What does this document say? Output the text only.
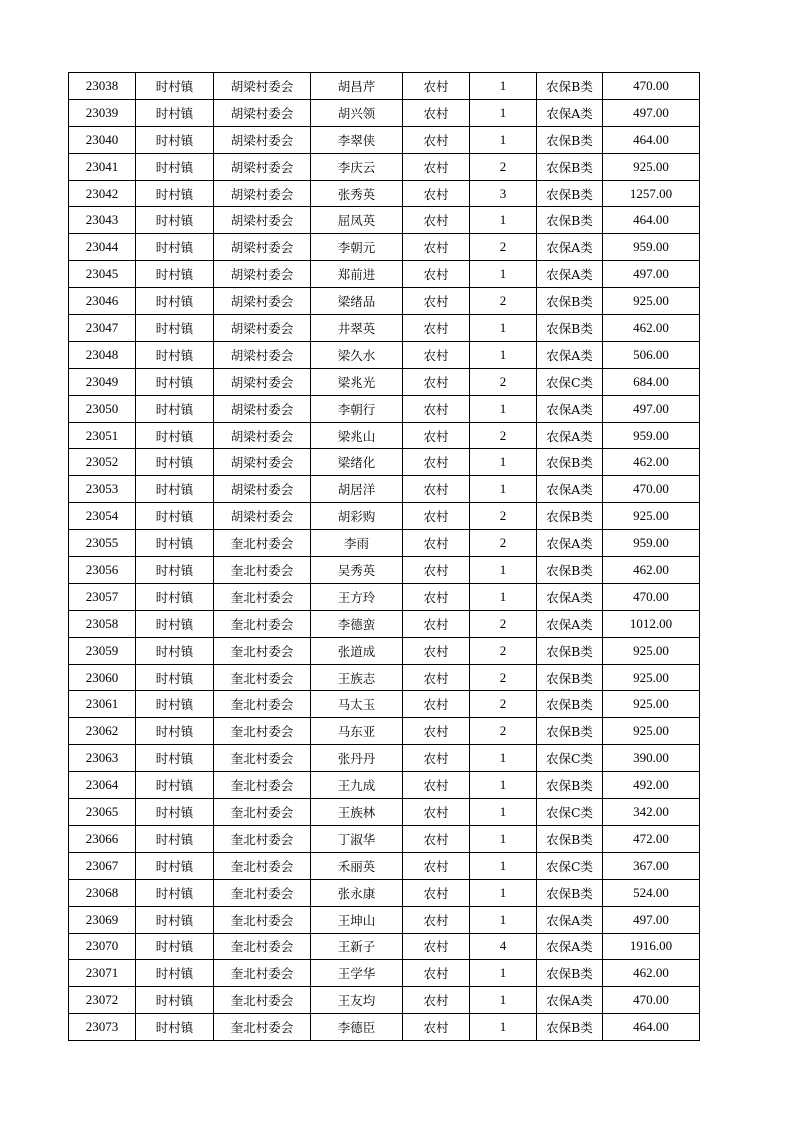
23038	时村镇	胡梁村委会	胡昌芹	农村	1	农保B类	470.00
23039	时村镇	胡梁村委会	胡兴领	农村	1	农保A类	497.00
23040	时村镇	胡梁村委会	李翠侠	农村	1	农保B类	464.00
23041	时村镇	胡梁村委会	李庆云	农村	2	农保B类	925.00
23042	时村镇	胡梁村委会	张秀英	农村	3	农保B类	1257.00
23043	时村镇	胡梁村委会	屈凤英	农村	1	农保B类	464.00
23044	时村镇	胡梁村委会	李朝元	农村	2	农保A类	959.00
23045	时村镇	胡梁村委会	郑前进	农村	1	农保A类	497.00
23046	时村镇	胡梁村委会	梁绪品	农村	2	农保B类	925.00
23047	时村镇	胡梁村委会	井翠英	农村	1	农保B类	462.00
23048	时村镇	胡梁村委会	梁久水	农村	1	农保A类	506.00
23049	时村镇	胡梁村委会	梁兆光	农村	2	农保C类	684.00
23050	时村镇	胡梁村委会	李朝行	农村	1	农保A类	497.00
23051	时村镇	胡梁村委会	梁兆山	农村	2	农保A类	959.00
23052	时村镇	胡梁村委会	梁绪化	农村	1	农保B类	462.00
23053	时村镇	胡梁村委会	胡居洋	农村	1	农保A类	470.00
23054	时村镇	胡梁村委会	胡彩购	农村	2	农保B类	925.00
23055	时村镇	奎北村委会	李雨	农村	2	农保A类	959.00
23056	时村镇	奎北村委会	吴秀英	农村	1	农保B类	462.00
23057	时村镇	奎北村委会	王方玲	农村	1	农保A类	470.00
23058	时村镇	奎北村委会	李德蛮	农村	2	农保A类	1012.00
23059	时村镇	奎北村委会	张道成	农村	2	农保B类	925.00
23060	时村镇	奎北村委会	王族志	农村	2	农保B类	925.00
23061	时村镇	奎北村委会	马太玉	农村	2	农保B类	925.00
23062	时村镇	奎北村委会	马东亚	农村	2	农保B类	925.00
23063	时村镇	奎北村委会	张丹丹	农村	1	农保C类	390.00
23064	时村镇	奎北村委会	王九成	农村	1	农保B类	492.00
23065	时村镇	奎北村委会	王族林	农村	1	农保C类	342.00
23066	时村镇	奎北村委会	丁淑华	农村	1	农保B类	472.00
23067	时村镇	奎北村委会	禾丽英	农村	1	农保C类	367.00
23068	时村镇	奎北村委会	张永康	农村	1	农保B类	524.00
23069	时村镇	奎北村委会	王坤山	农村	1	农保A类	497.00
23070	时村镇	奎北村委会	王新子	农村	4	农保A类	1916.00
23071	时村镇	奎北村委会	王学华	农村	1	农保B类	462.00
23072	时村镇	奎北村委会	王友均	农村	1	农保A类	470.00
23073	时村镇	奎北村委会	李德臣	农村	1	农保B类	464.00
